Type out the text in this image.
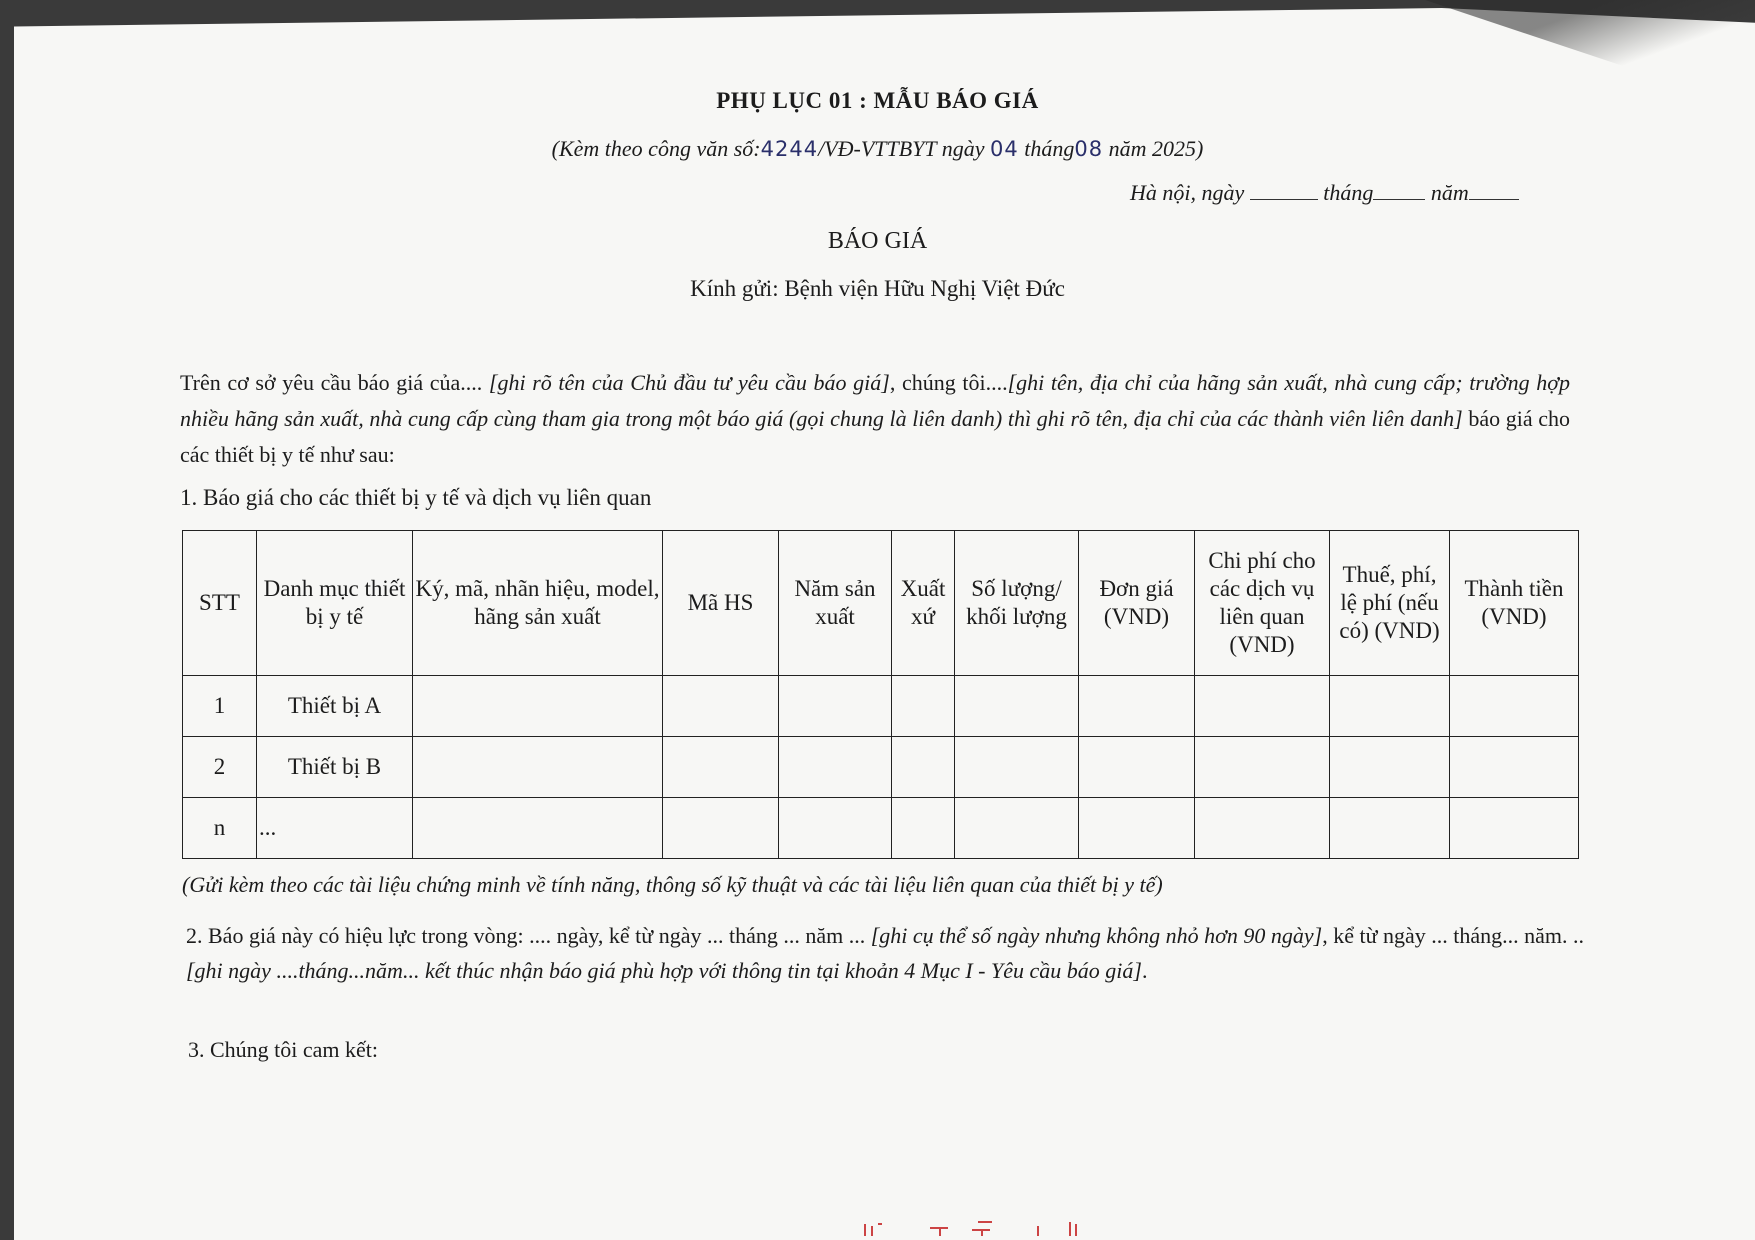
PHỤ LỤC 01 : MẪU BÁO GIÁ
(Kèm theo công văn số:4244/VĐ-VTTBYT ngày 04 tháng08 năm 2025)
Hà nội, ngày	tháng	năm
BÁO GIÁ
Kính gửi: Bệnh viện Hữu Nghị Việt Đức
Trên cơ sở yêu cầu báo giá của.... [ghi rõ tên của Chủ đầu tư yêu cầu báo giá], chúng tôi....[ghi tên, địa chỉ của hãng sản xuất, nhà cung cấp; trường hợp nhiều hãng sản xuất, nhà cung cấp cùng tham gia trong một báo giá (gọi chung là liên danh) thì ghi rõ tên, địa chỉ của các thành viên liên danh] báo giá cho các thiết bị y tế như sau:
1. Báo giá cho các thiết bị y tế và dịch vụ liên quan
STT	Danh mục thiết bị y tế	Ký, mã, nhãn hiệu, model, hãng sản xuất	Mã HS	Năm sản xuất	Xuất xứ	Số lượng/ khối lượng	Đơn giá (VND)	Chi phí cho các dịch vụ liên quan (VND)	Thuế, phí, lệ phí (nếu có) (VND)	Thành tiền (VND)
1	Thiết bị A									
2	Thiết bị B									
n	...									
(Gửi kèm theo các tài liệu chứng minh về tính năng, thông số kỹ thuật và các tài liệu liên quan của thiết bị y tế)
2. Báo giá này có hiệu lực trong vòng: .... ngày, kể từ ngày ... tháng ... năm ... [ghi cụ thể số ngày nhưng không nhỏ hơn 90 ngày], kể từ ngày ... tháng... năm. ..[ghi ngày ....tháng...năm... kết thúc nhận báo giá phù hợp với thông tin tại khoản 4 Mục I - Yêu cầu báo giá].
3. Chúng tôi cam kết:
